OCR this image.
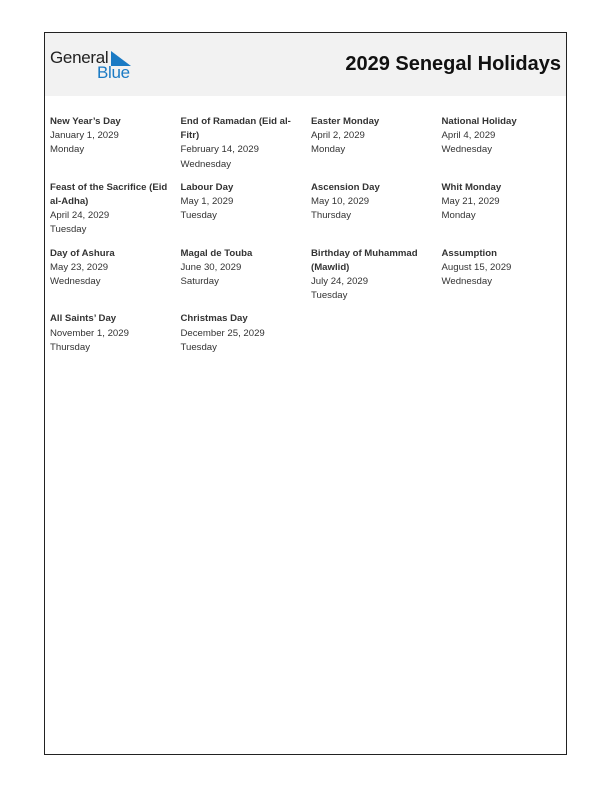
General
Blue	2029 Senegal Holidays
New Year’s Day
January 1, 2029
Monday
End of Ramadan (Eid al-Fitr)
February 14, 2029
Wednesday
Easter Monday
April 2, 2029
Monday
National Holiday
April 4, 2029
Wednesday
Feast of the Sacrifice (Eid al-Adha)
April 24, 2029
Tuesday
Labour Day
May 1, 2029
Tuesday
Ascension Day
May 10, 2029
Thursday
Whit Monday
May 21, 2029
Monday
Day of Ashura
May 23, 2029
Wednesday
Magal de Touba
June 30, 2029
Saturday
Birthday of Muhammad (Mawlid)
July 24, 2029
Tuesday
Assumption
August 15, 2029
Wednesday
All Saints’ Day
November 1, 2029
Thursday
Christmas Day
December 25, 2029
Tuesday
